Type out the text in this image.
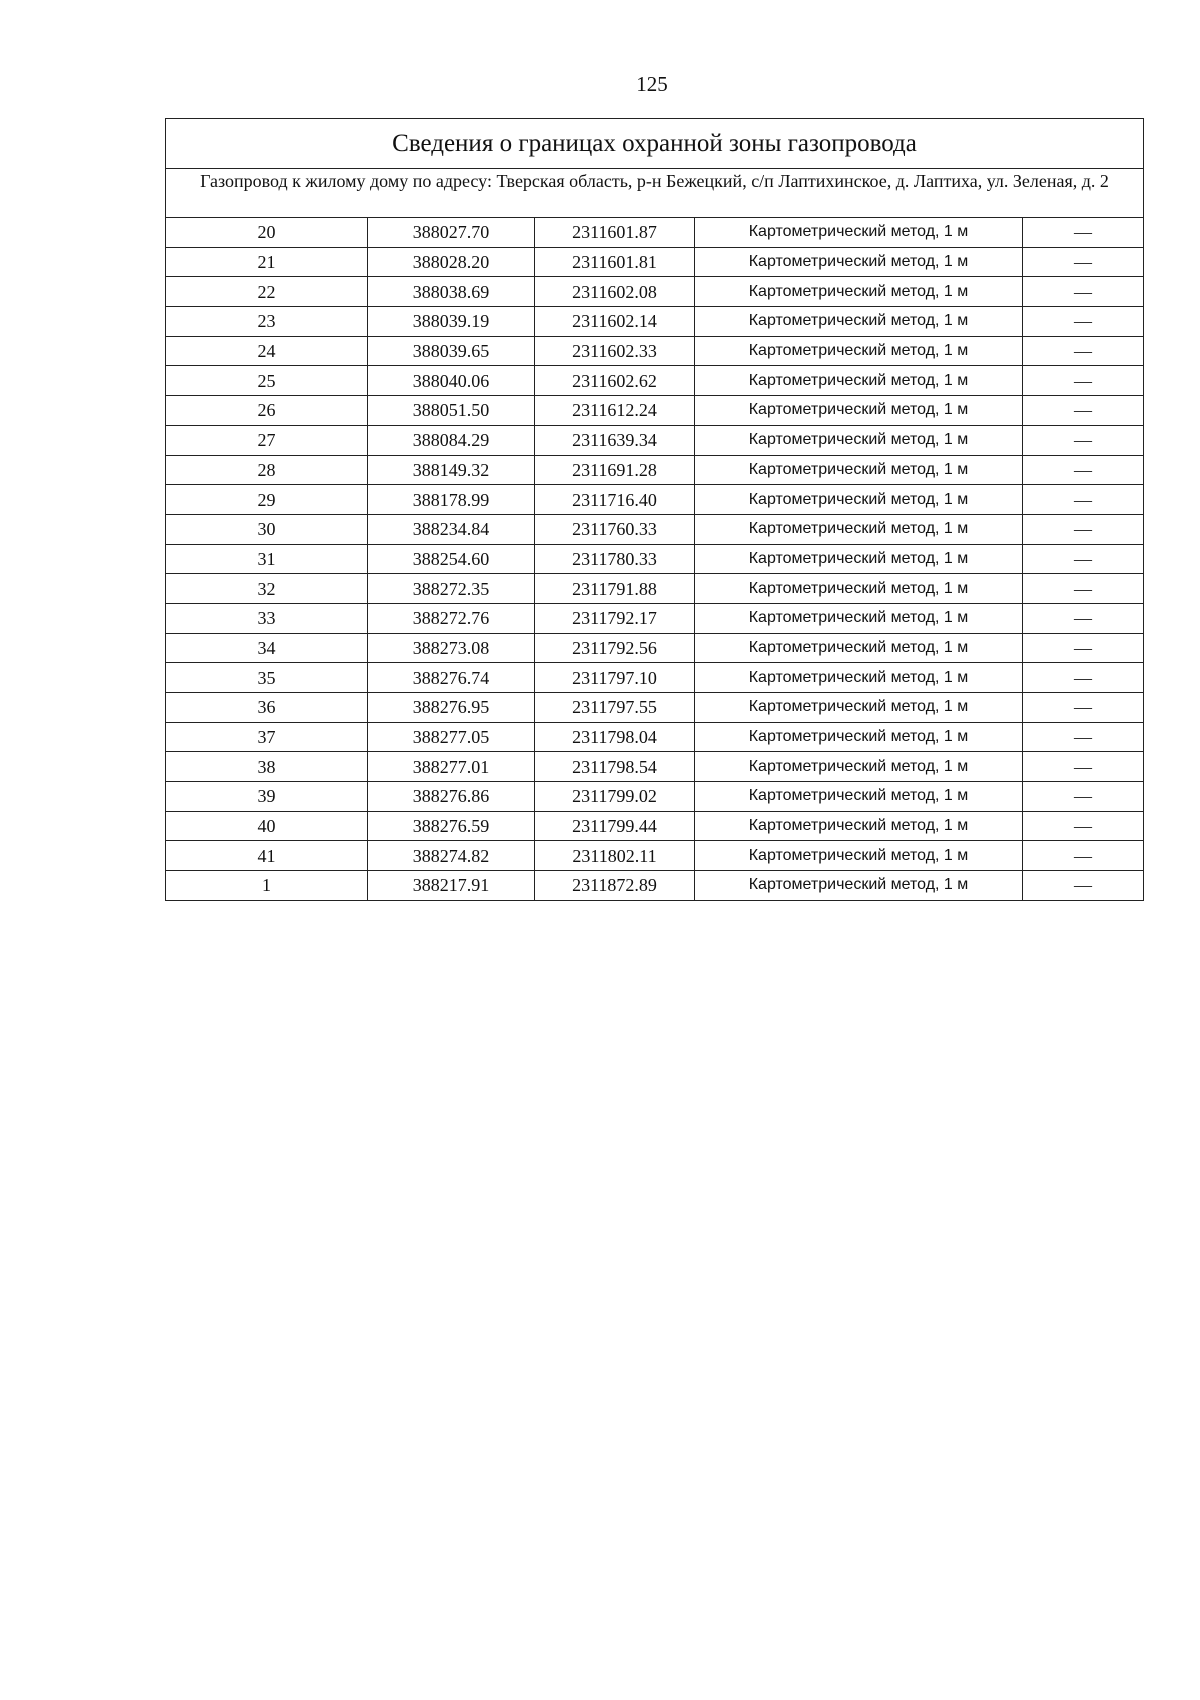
125
Сведения о границах охранной зоны газопровода				
Газопровод к жилому дому по адресу: Тверская область, р-н Бежецкий, с/п Лаптихинское, д. Лаптиха, ул. Зеленая, д. 2				
20	388027.70	2311601.87	Картометрический метод, 1 м	—
21	388028.20	2311601.81	Картометрический метод, 1 м	—
22	388038.69	2311602.08	Картометрический метод, 1 м	—
23	388039.19	2311602.14	Картометрический метод, 1 м	—
24	388039.65	2311602.33	Картометрический метод, 1 м	—
25	388040.06	2311602.62	Картометрический метод, 1 м	—
26	388051.50	2311612.24	Картометрический метод, 1 м	—
27	388084.29	2311639.34	Картометрический метод, 1 м	—
28	388149.32	2311691.28	Картометрический метод, 1 м	—
29	388178.99	2311716.40	Картометрический метод, 1 м	—
30	388234.84	2311760.33	Картометрический метод, 1 м	—
31	388254.60	2311780.33	Картометрический метод, 1 м	—
32	388272.35	2311791.88	Картометрический метод, 1 м	—
33	388272.76	2311792.17	Картометрический метод, 1 м	—
34	388273.08	2311792.56	Картометрический метод, 1 м	—
35	388276.74	2311797.10	Картометрический метод, 1 м	—
36	388276.95	2311797.55	Картометрический метод, 1 м	—
37	388277.05	2311798.04	Картометрический метод, 1 м	—
38	388277.01	2311798.54	Картометрический метод, 1 м	—
39	388276.86	2311799.02	Картометрический метод, 1 м	—
40	388276.59	2311799.44	Картометрический метод, 1 м	—
41	388274.82	2311802.11	Картометрический метод, 1 м	—
1	388217.91	2311872.89	Картометрический метод, 1 м	—
